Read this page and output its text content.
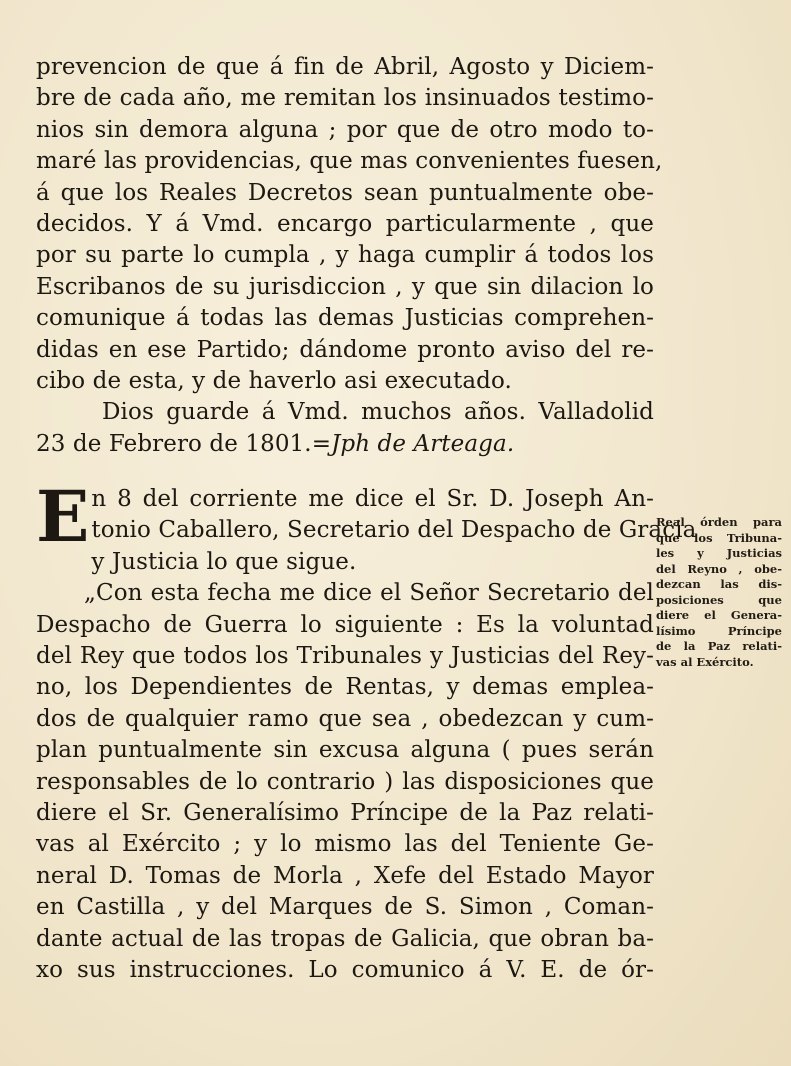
prevencion de que á fin de Abril, Agosto y Diciem-
bre de cada año, me remitan los insinuados testimo-
nios sin demora alguna ; por que de otro modo to-
maré las providencias, que mas convenientes fuesen,
á que los Reales Decretos sean puntualmente obe-
decidos. Y á Vmd. encargo particularmente , que
por su parte lo cumpla , y haga cumplir á todos los
Escribanos de su jurisdiccion , y que sin dilacion lo
comunique á todas las demas Justicias comprehen-
didas en ese Partido; dándome pronto aviso del re-
cibo de esta, y de haverlo asi executado.
Dios guarde á Vmd. muchos años. Valladolid
23 de Febrero de 1801.=Jph de Arteaga.
E n 8 del corriente me dice el Sr. D. Joseph An-
tonio Caballero, Secretario del Despacho de Gracia
y Justicia lo que sigue.
„Con esta fecha me dice el Señor Secretario del
Despacho de Guerra lo siguiente : Es la voluntad
del Rey que todos los Tribunales y Justicias del Rey-
no, los Dependientes de Rentas, y demas emplea-
dos de qualquier ramo que sea , obedezcan y cum-
plan puntualmente sin excusa alguna ( pues serán
responsables de lo contrario ) las disposiciones que
diere el Sr. Generalísimo Príncipe de la Paz relati-
vas al Exército ; y lo mismo las del Teniente Ge-
neral D. Tomas de Morla , Xefe del Estado Mayor
en Castilla , y del Marques de S. Simon , Coman-
dante actual de las tropas de Galicia, que obran ba-
xo sus instrucciones. Lo comunico á V. E. de ór-
Real órden para
que los Tribuna-
les y Justicias
del Reyno , obe-
dezcan las dis-
posiciones que
diere el Genera-
lísimo Príncipe
de la Paz relati-
vas al Exército.
